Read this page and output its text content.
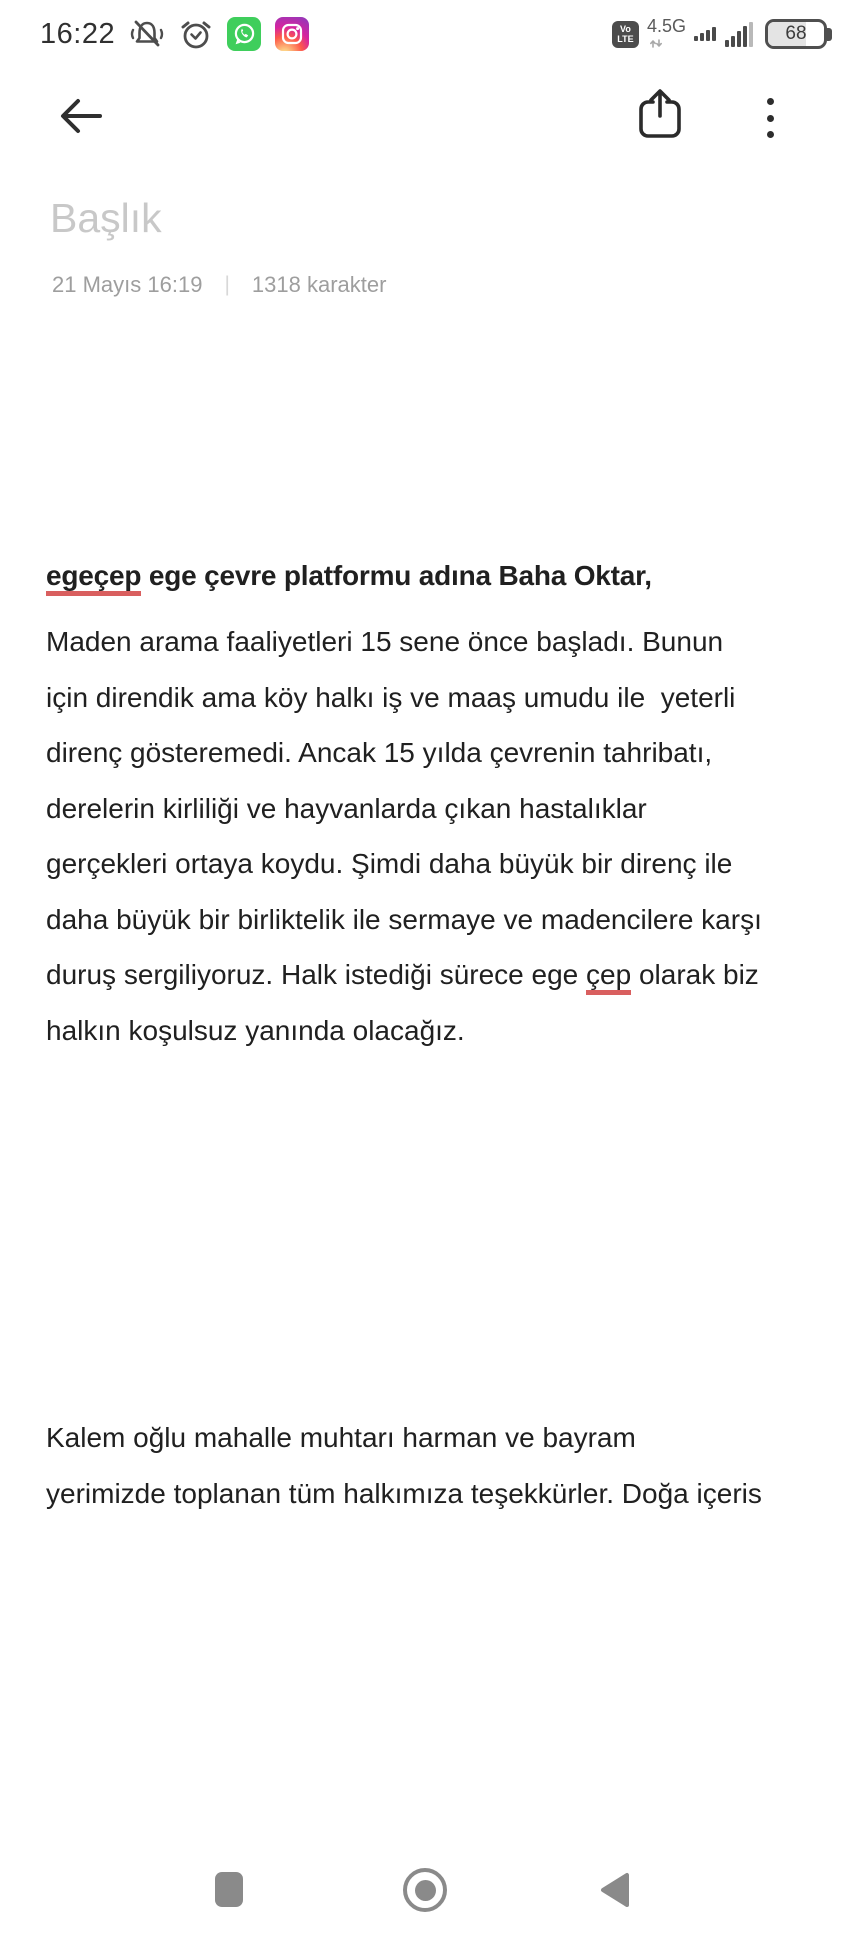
16:22	Vo
LTE
4.5G	68
Başlık
21 Mayıs 16:19 | 1318 karakter
egeçep ege çevre platformu adına Baha Oktar,
Maden arama faaliyetleri 15 sene önce başladı. Bunun
için direndik ama köy halkı iş ve maaş umudu ile  yeterli
direnç gösteremedi. Ancak 15 yılda çevrenin tahribatı,
derelerin kirliliği ve hayvanlarda çıkan hastalıklar
gerçekleri ortaya koydu. Şimdi daha büyük bir direnç ile
daha büyük bir birliktelik ile sermaye ve madencilere karşı
duruş sergiliyoruz. Halk istediği sürece ege çep olarak biz
halkın koşulsuz yanında olacağız.
Kalem oğlu mahalle muhtarı harman ve bayram
yerimizde toplanan tüm halkımıza teşekkürler. Doğa içeris
